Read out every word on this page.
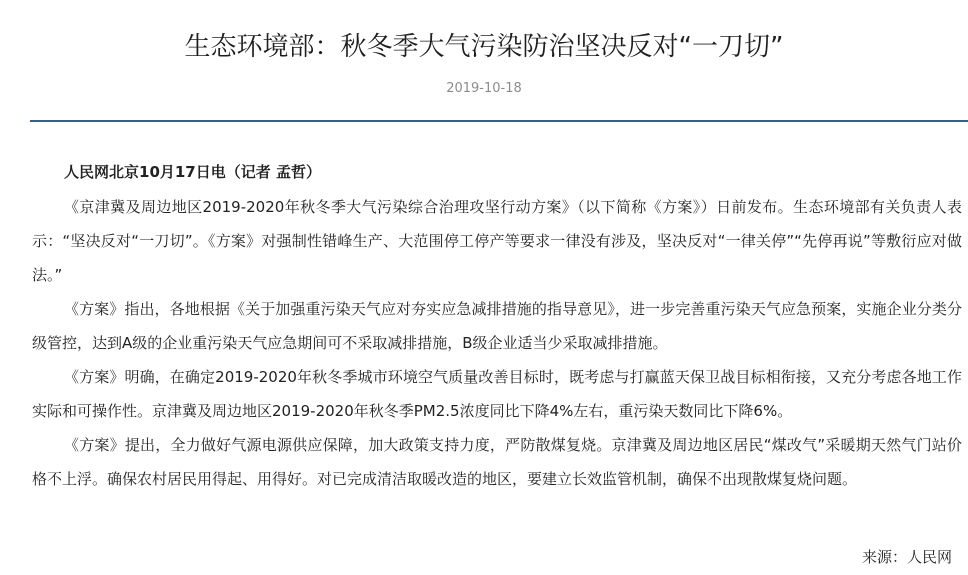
生态环境部：秋冬季大气污染防治坚决反对“一刀切”
2019-10-18

人民网北京10月17日电（记者 孟哲）

《京津冀及周边地区2019-2020年秋冬季大气污染综合治理攻坚行动方案》（以下简称《方案》）日前发布。生态环境部有关负责人表示：“坚决反对“一刀切”。《方案》对强制性错峰生产、大范围停工停产等要求一律没有涉及，坚决反对“一律关停”“先停再说”等敷衍应对做法。”

《方案》指出，各地根据《关于加强重污染天气应对夯实应急减排措施的指导意见》，进一步完善重污染天气应急预案，实施企业分类分级管控，达到A级的企业重污染天气应急期间可不采取减排措施，B级企业适当少采取减排措施。

《方案》明确，在确定2019-2020年秋冬季城市环境空气质量改善目标时，既考虑与打赢蓝天保卫战目标相衔接，又充分考虑各地工作实际和可操作性。京津冀及周边地区2019-2020年秋冬季PM2.5浓度同比下降4%左右，重污染天数同比下降6%。

《方案》提出，全力做好气源电源供应保障，加大政策支持力度，严防散煤复烧。京津冀及周边地区居民“煤改气”采暖期天然气门站价格不上浮。确保农村居民用得起、用得好。对已完成清洁取暖改造的地区，要建立长效监管机制，确保不出现散煤复烧问题。

来源：人民网
